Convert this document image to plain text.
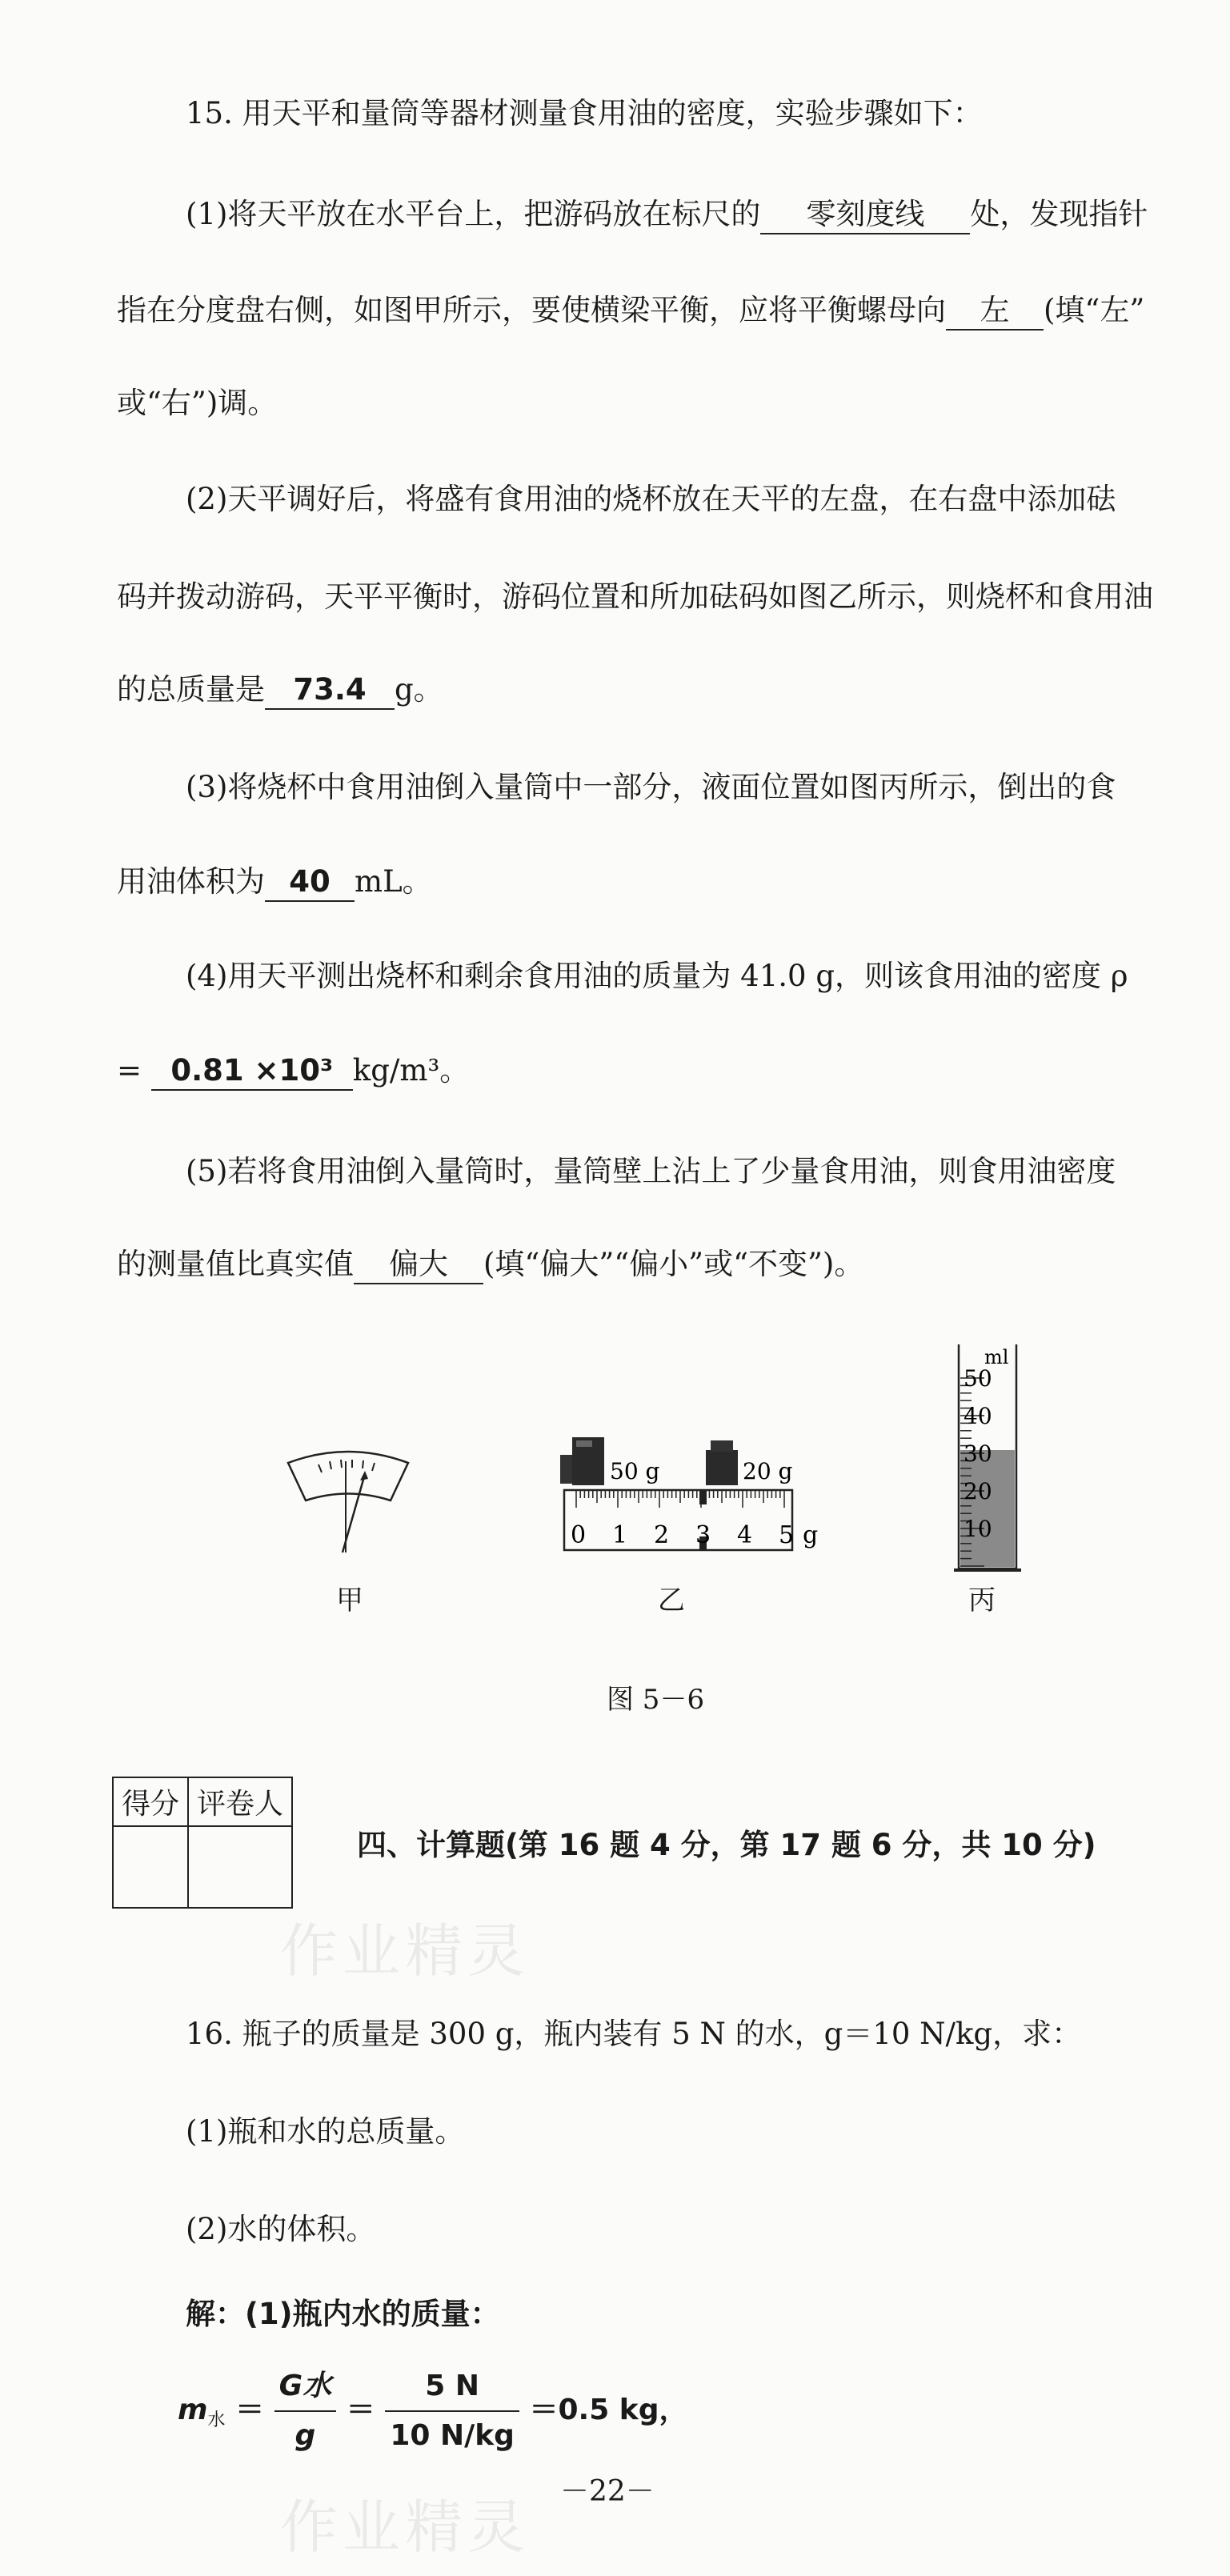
15. 用天平和量筒等器材测量食用油的密度，实验步骤如下：
(1)将天平放在水平台上，把游码放在标尺的 零刻度线 处，发现指针
指在分度盘右侧，如图甲所示，要使横梁平衡，应将平衡螺母向 左 (填“左”
或“右”)调。
(2)天平调好后，将盛有食用油的烧杯放在天平的左盘，在右盘中添加砝
码并拨动游码，天平平衡时，游码位置和所加砝码如图乙所示，则烧杯和食用油
的总质量是 73.4 g。
(3)将烧杯中食用油倒入量筒中一部分，液面位置如图丙所示，倒出的食
用油体积为 40 mL。
(4)用天平测出烧杯和剩余食用油的质量为 41.0 g，则该食用油的密度 ρ
= 0.81 ×10³ kg/m³。
(5)若将食用油倒入量筒时，量筒壁上沾上了少量食用油，则食用油密度
的测量值比真实值 偏大 (填“偏大”“偏小”或“不变”)。
甲
50 g	20 g
0 1 2 3 4 5 g
乙
ml
50
40
30
20
10
丙
图 5－6
得分	评卷人

四、计算题(第 16 题 4 分，第 17 题 6 分，共 10 分)
16. 瓶子的质量是 300 g，瓶内装有 5 N 的水，g＝10 N/kg，求：
(1)瓶和水的总质量。
(2)水的体积。
解：(1)瓶内水的质量：
$m_水 = \frac{\text{G水}}{g} = \frac{5 N}{10 N/kg} =0.5$ kg，
－22－
作业精灵
作业精灵
